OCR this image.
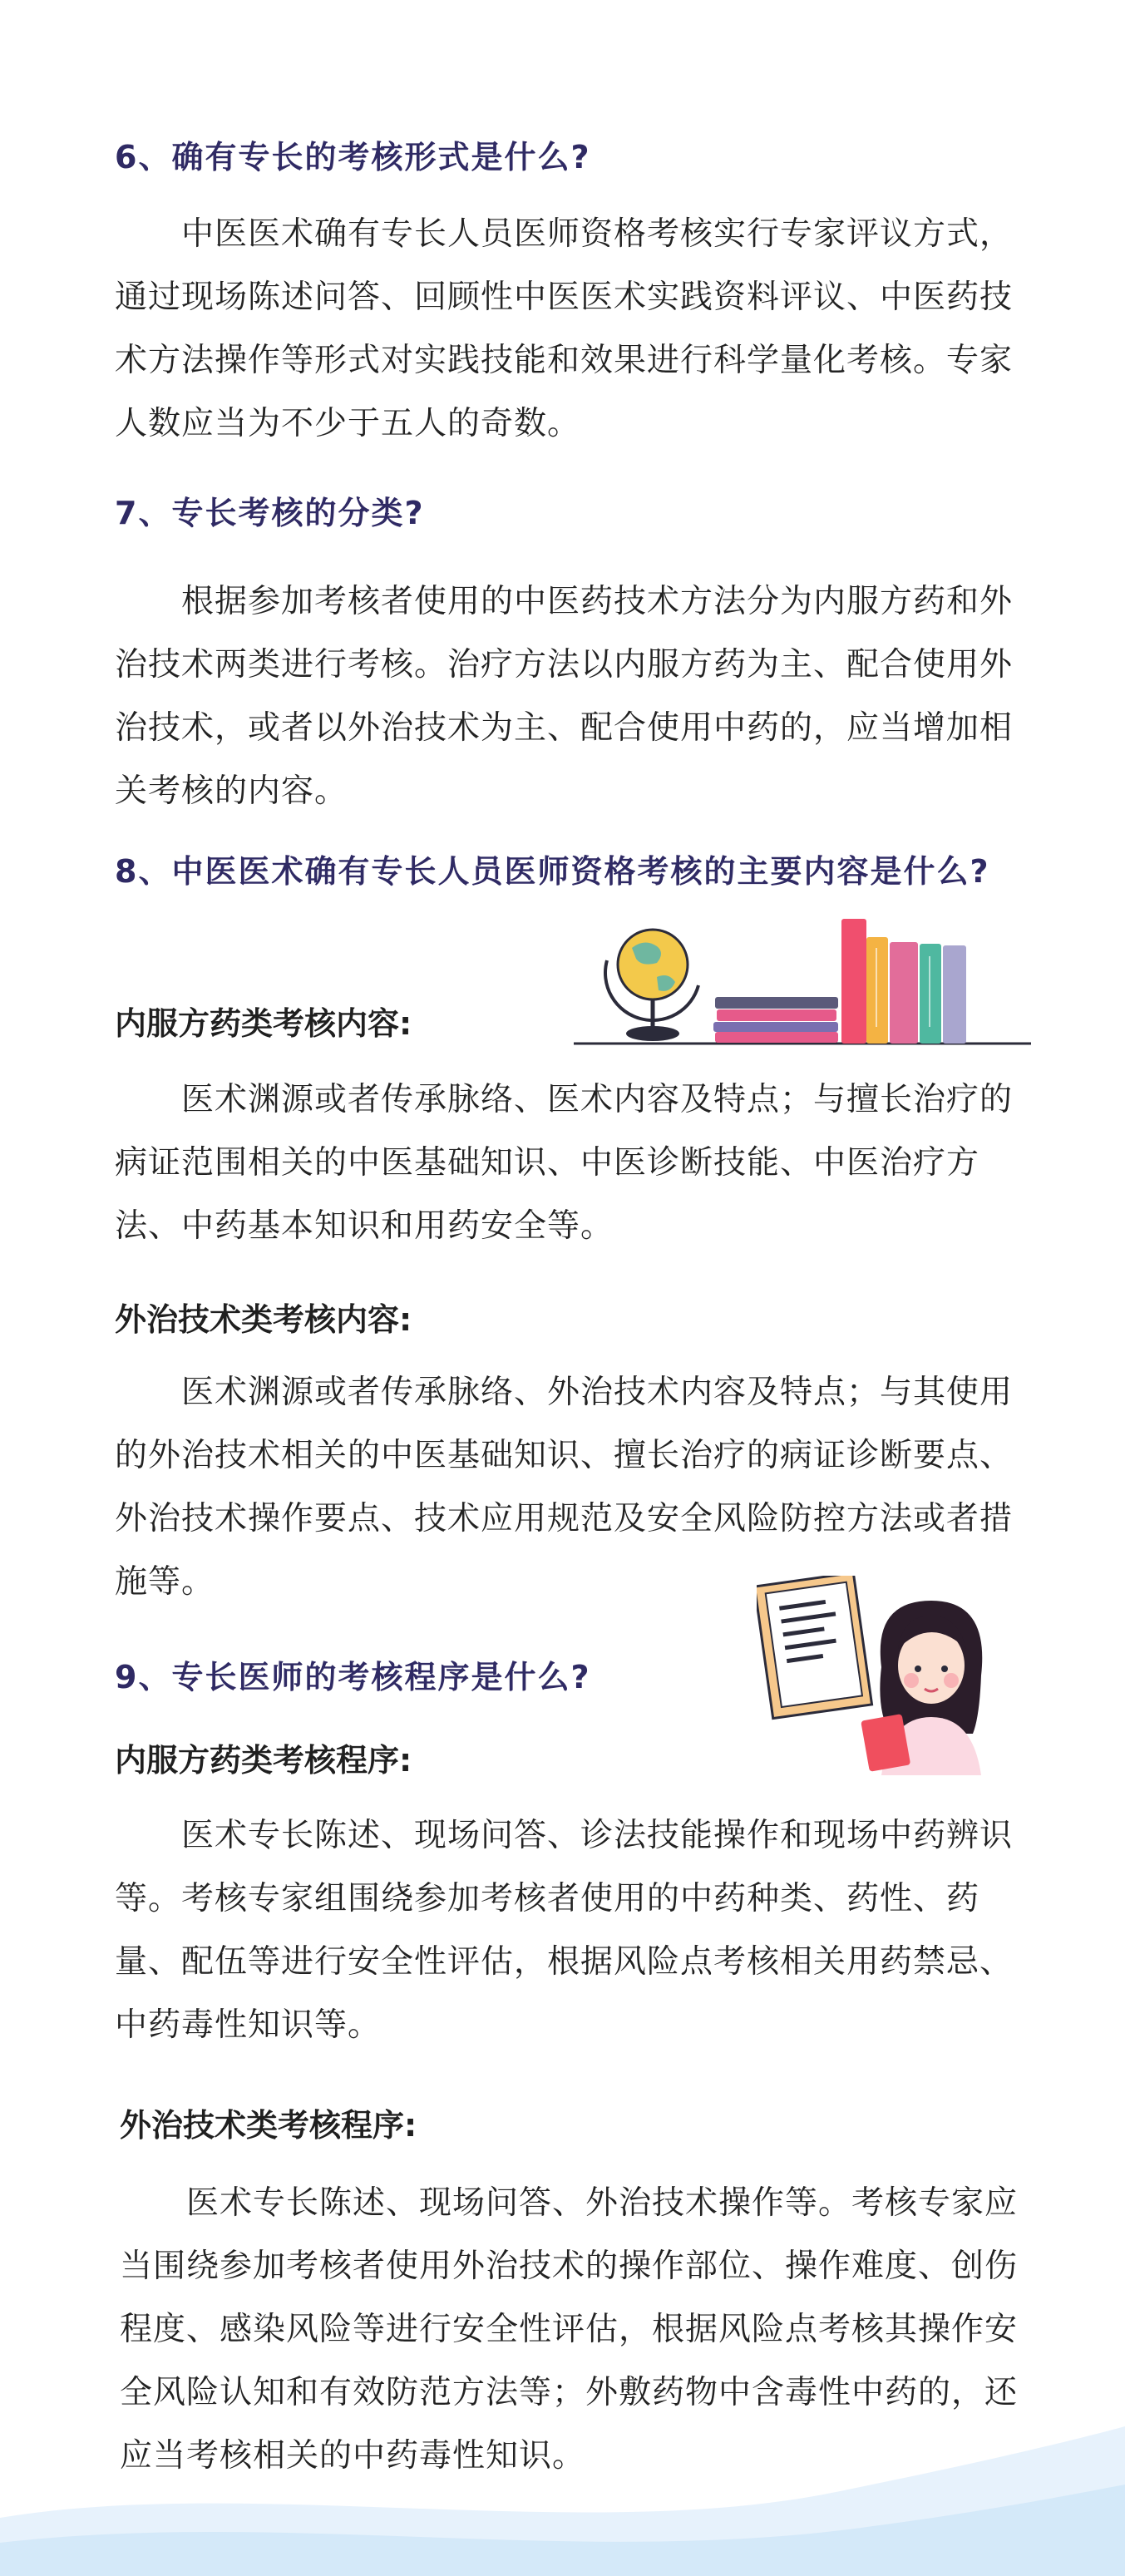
6、确有专长的考核形式是什么?

中医医术确有专长人员医师资格考核实行专家评议方式，通过现场陈述问答、回顾性中医医术实践资料评议、中医药技术方法操作等形式对实践技能和效果进行科学量化考核。专家人数应当为不少于五人的奇数。

7、专长考核的分类?

根据参加考核者使用的中医药技术方法分为内服方药和外治技术两类进行考核。治疗方法以内服方药为主、配合使用外治技术，或者以外治技术为主、配合使用中药的，应当增加相关考核的内容。

8、中医医术确有专长人员医师资格考核的主要内容是什么?
内服方药类考核内容:

医术渊源或者传承脉络、医术内容及特点；与擅长治疗的病证范围相关的中医基础知识、中医诊断技能、中医治疗方法、中药基本知识和用药安全等。

外治技术类考核内容:

医术渊源或者传承脉络、外治技术内容及特点；与其使用的外治技术相关的中医基础知识、擅长治疗的病证诊断要点、外治技术操作要点、技术应用规范及安全风险防控方法或者措施等。

9、专长医师的考核程序是什么?
内服方药类考核程序:

医术专长陈述、现场问答、诊法技能操作和现场中药辨识等。考核专家组围绕参加考核者使用的中药种类、药性、药量、配伍等进行安全性评估，根据风险点考核相关用药禁忌、中药毒性知识等。

外治技术类考核程序:

医术专长陈述、现场问答、外治技术操作等。考核专家应当围绕参加考核者使用外治技术的操作部位、操作难度、创伤程度、感染风险等进行安全性评估，根据风险点考核其操作安全风险认知和有效防范方法等；外敷药物中含毒性中药的，还应当考核相关的中药毒性知识。
